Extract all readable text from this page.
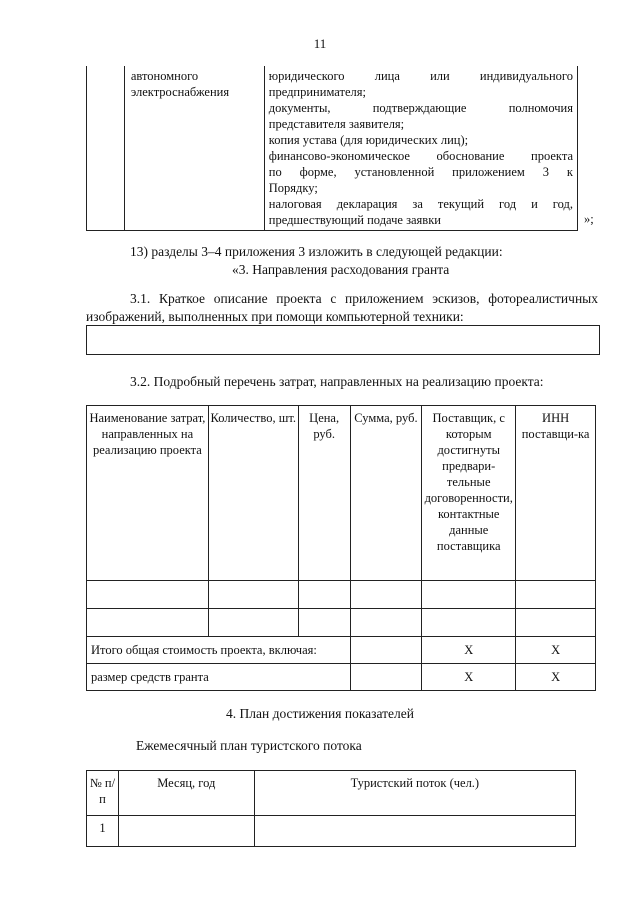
11

автономного
электроснабжения

юридического лица или индивидуального
предпринимателя;
документы, подтверждающие полномочия
представителя заявителя;
копия устава (для юридических лиц);
финансово-экономическое обоснование проекта
по форме, установленной приложением 3 к
Порядку;
налоговая декларация за текущий год и год,
предшествующий подаче заявки	»;
13) разделы 3–4 приложения 3 изложить в следующей редакции:
«3. Направления расходования гранта
3.1. Краткое описание проекта с приложением эскизов, фотореалистичных изображений, выполненных при помощи компьютерной техники:
3.2. Подробный перечень затрат, направленных на реализацию проекта:
Наименование затрат, направленных на реализацию проекта	Количество, шт.	Цена, руб.	Сумма, руб.	Поставщик, с которым достигнуты предвари-тельные договоренности, контактные данные поставщика	ИНН поставщи-ка

Итого общая стоимость проекта, включая:				Х	Х
размер средств гранта				Х	Х
4. План достижения показателей
Ежемесячный план туристского потока
№ п/п	Месяц, год	Туристский поток (чел.)
1		
